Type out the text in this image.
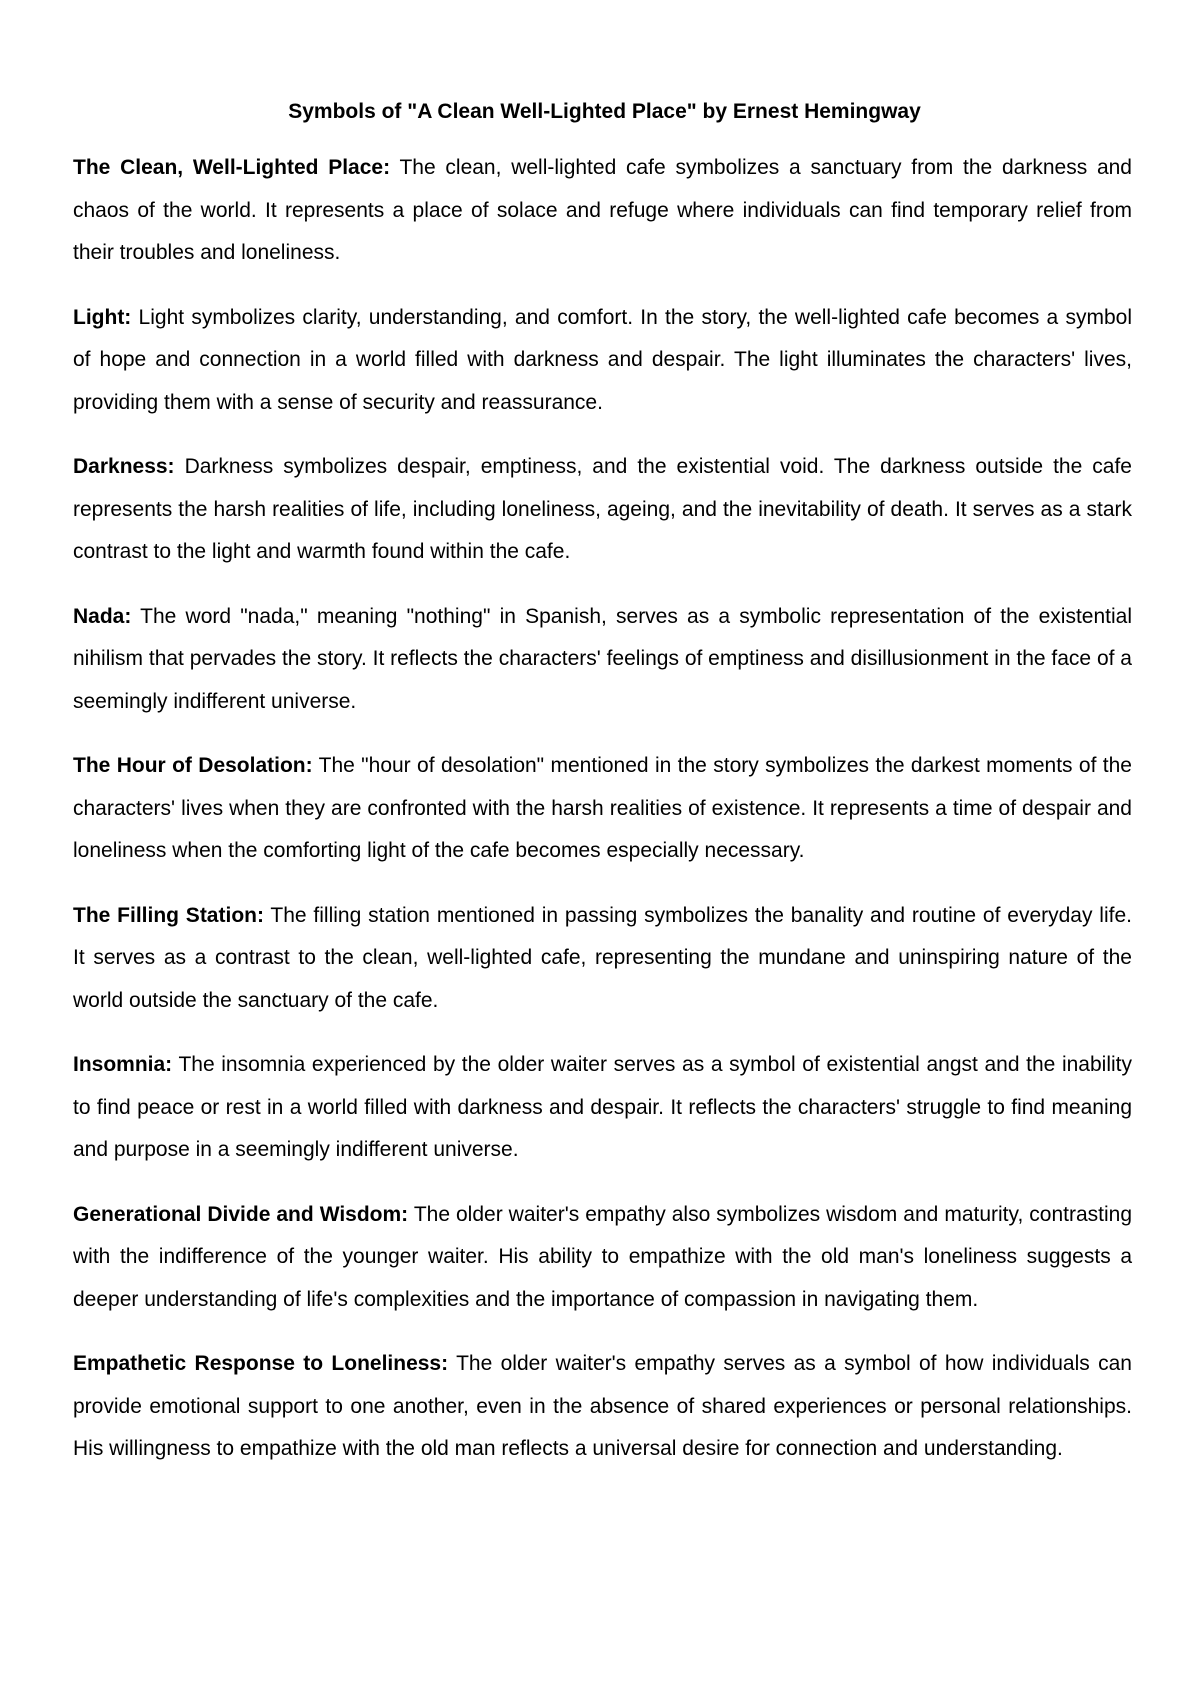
Symbols of "A Clean Well-Lighted Place" by Ernest Hemingway

The Clean, Well-Lighted Place: The clean, well-lighted cafe symbolizes a sanctuary from the darkness and chaos of the world. It represents a place of solace and refuge where individuals can find temporary relief from their troubles and loneliness.

Light: Light symbolizes clarity, understanding, and comfort. In the story, the well-lighted cafe becomes a symbol of hope and connection in a world filled with darkness and despair. The light illuminates the characters' lives, providing them with a sense of security and reassurance.

Darkness: Darkness symbolizes despair, emptiness, and the existential void. The darkness outside the cafe represents the harsh realities of life, including loneliness, ageing, and the inevitability of death. It serves as a stark contrast to the light and warmth found within the cafe.

Nada: The word "nada," meaning "nothing" in Spanish, serves as a symbolic representation of the existential nihilism that pervades the story. It reflects the characters' feelings of emptiness and disillusionment in the face of a seemingly indifferent universe.

The Hour of Desolation: The "hour of desolation" mentioned in the story symbolizes the darkest moments of the characters' lives when they are confronted with the harsh realities of existence. It represents a time of despair and loneliness when the comforting light of the cafe becomes especially necessary.

The Filling Station: The filling station mentioned in passing symbolizes the banality and routine of everyday life. It serves as a contrast to the clean, well-lighted cafe, representing the mundane and uninspiring nature of the world outside the sanctuary of the cafe.

Insomnia: The insomnia experienced by the older waiter serves as a symbol of existential angst and the inability to find peace or rest in a world filled with darkness and despair. It reflects the characters' struggle to find meaning and purpose in a seemingly indifferent universe.

Generational Divide and Wisdom: The older waiter's empathy also symbolizes wisdom and maturity, contrasting with the indifference of the younger waiter. His ability to empathize with the old man's loneliness suggests a deeper understanding of life's complexities and the importance of compassion in navigating them.

Empathetic Response to Loneliness: The older waiter's empathy serves as a symbol of how individuals can provide emotional support to one another, even in the absence of shared experiences or personal relationships. His willingness to empathize with the old man reflects a universal desire for connection and understanding.
